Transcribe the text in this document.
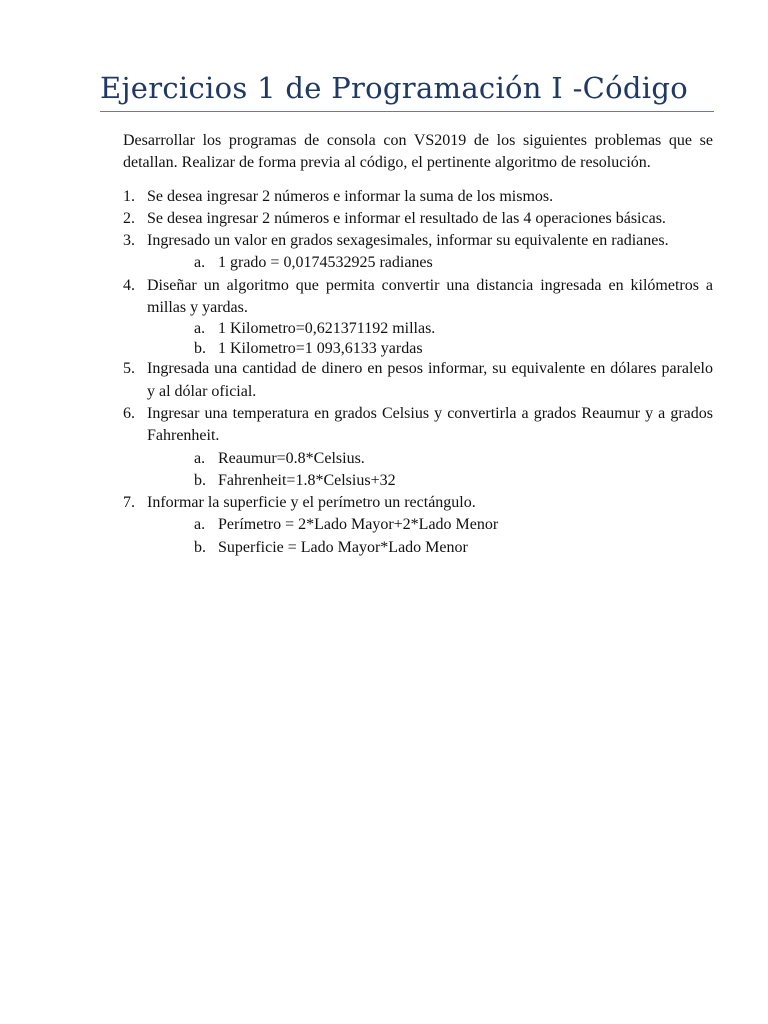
Ejercicios 1 de Programación I -Código

Desarrollar los programas de consola con VS2019 de los siguientes problemas que se detallan. Realizar de forma previa al código, el pertinente algoritmo de resolución.

1. Se desea ingresar 2 números e informar la suma de los mismos.
2. Se desea ingresar 2 números e informar el resultado de las 4 operaciones básicas.
3. Ingresado un valor en grados sexagesimales, informar su equivalente en radianes.
a. 1 grado = 0,0174532925 radianes
4. Diseñar un algoritmo que permita convertir una distancia ingresada en kilómetros a millas y yardas.
a. 1 Kilometro=0,621371192 millas.
b. 1 Kilometro=1 093,6133 yardas
5. Ingresada una cantidad de dinero en pesos informar, su equivalente en dólares paralelo y al dólar oficial.
6. Ingresar una temperatura en grados Celsius y convertirla a grados Reaumur y a grados Fahrenheit.
a. Reaumur=0.8*Celsius.
b. Fahrenheit=1.8*Celsius+32
7. Informar la superficie y el perímetro un rectángulo.
a. Perímetro = 2*Lado Mayor+2*Lado Menor
b. Superficie = Lado Mayor*Lado Menor
